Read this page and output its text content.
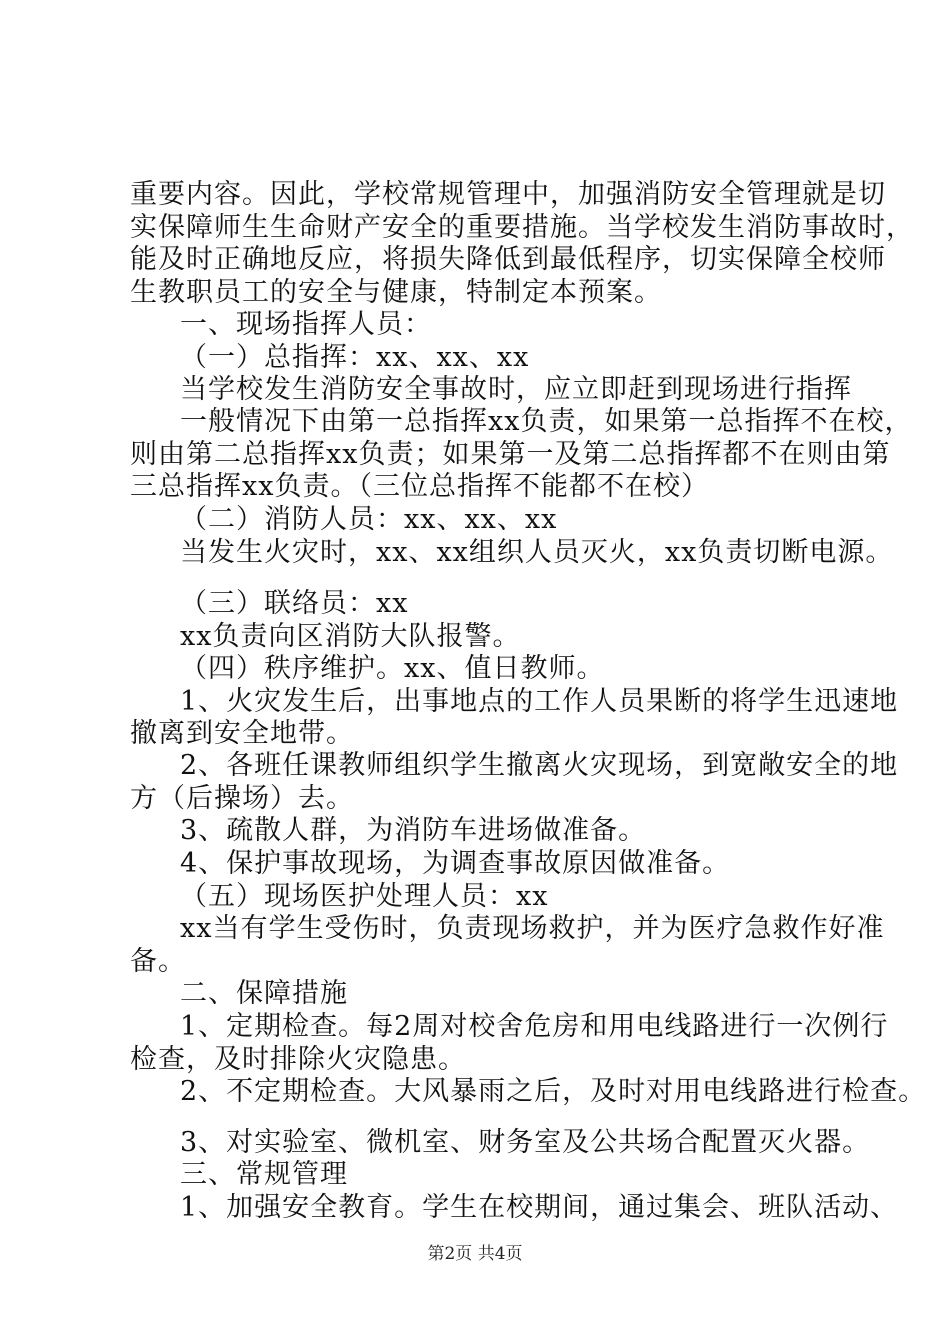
重要内容。因此，学校常规管理中，加强消防安全管理就是切
实保障师生生命财产安全的重要措施。当学校发生消防事故时，
能及时正确地反应，将损失降低到最低程序，切实保障全校师
生教职员工的安全与健康，特制定本预案。
一、现场指挥人员：
（一）总指挥：xx、xx、xx
当学校发生消防安全事故时，应立即赶到现场进行指挥
一般情况下由第一总指挥xx负责，如果第一总指挥不在校，
则由第二总指挥xx负责；如果第一及第二总指挥都不在则由第
三总指挥xx负责。（三位总指挥不能都不在校）
（二）消防人员：xx、xx、xx
当发生火灾时，xx、xx组织人员灭火，xx负责切断电源。
（三）联络员：xx
xx负责向区消防大队报警。
（四）秩序维护。xx、值日教师。
1、火灾发生后，出事地点的工作人员果断的将学生迅速地
撤离到安全地带。
2、各班任课教师组织学生撤离火灾现场，到宽敞安全的地
方（后操场）去。
3、疏散人群，为消防车进场做准备。
4、保护事故现场，为调查事故原因做准备。
（五）现场医护处理人员：xx
xx当有学生受伤时，负责现场救护，并为医疗急救作好准
备。
二、保障措施
1、定期检查。每2周对校舍危房和用电线路进行一次例行
检查，及时排除火灾隐患。
2、不定期检查。大风暴雨之后，及时对用电线路进行检查。
3、对实验室、微机室、财务室及公共场合配置灭火器。
三、常规管理
1、加强安全教育。学生在校期间，通过集会、班队活动、
第2页 共4页
